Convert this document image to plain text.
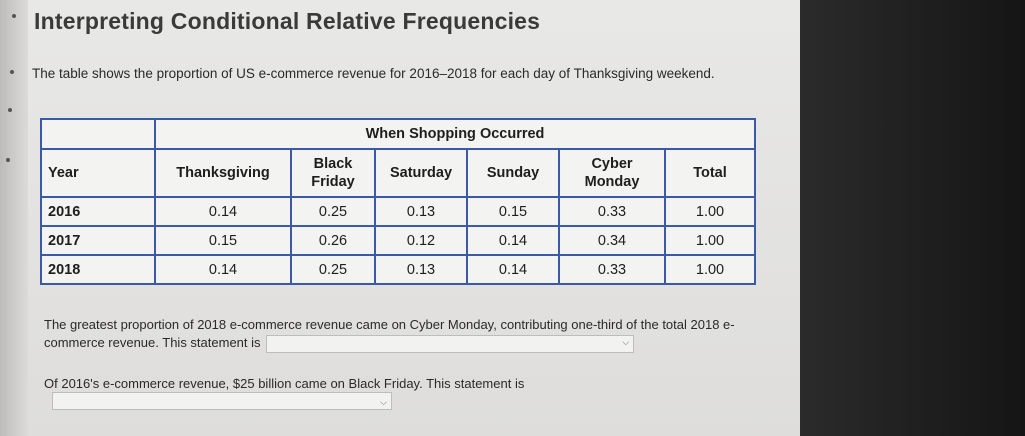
Interpreting Conditional Relative Frequencies
The table shows the proportion of US e-commerce revenue for 2016–2018 for each day of Thanksgiving weekend.
	When Shopping Occurred					
Year	Thanksgiving	Black Friday	Saturday	Sunday	Cyber Monday	Total
2016	0.14	0.25	0.13	0.15	0.33	1.00
2017	0.15	0.26	0.12	0.14	0.34	1.00
2018	0.14	0.25	0.13	0.14	0.33	1.00
The greatest proportion of 2018 e-commerce revenue came on Cyber Monday, contributing one-third of the total 2018 e-commerce revenue. This statement is	⌵
Of 2016's e-commerce revenue, $25 billion came on Black Friday. This statement is
⌵
